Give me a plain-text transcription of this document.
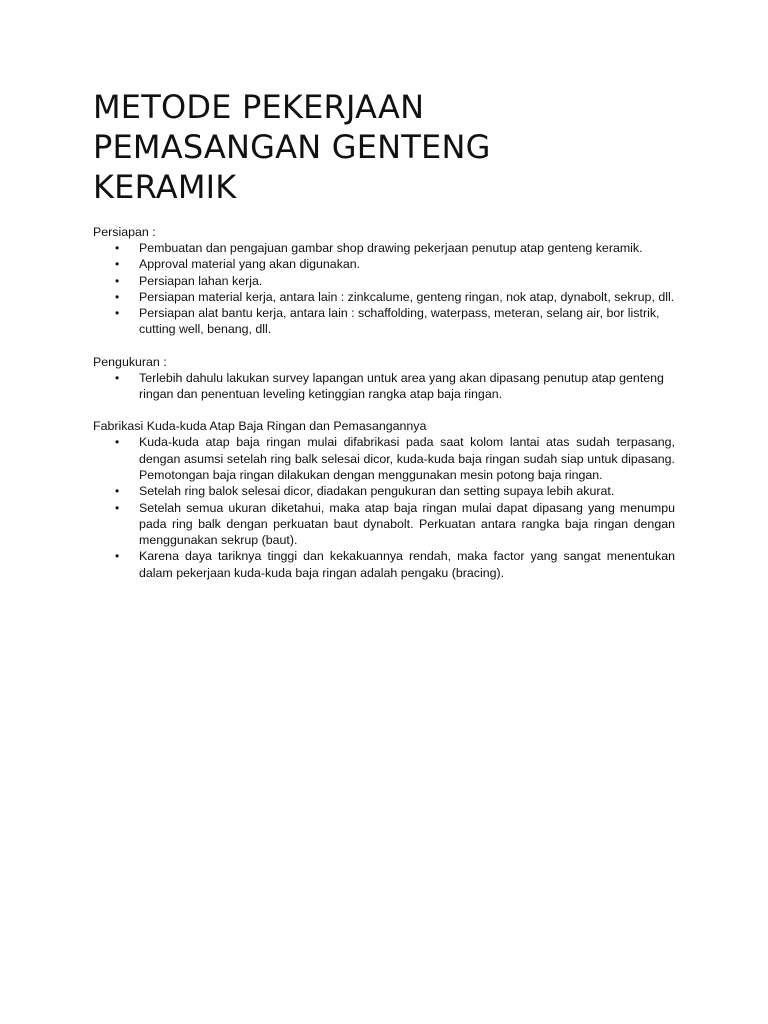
METODE PEKERJAAN
PEMASANGAN GENTENG
KERAMIK

Persiapan :

• Pembuatan dan pengajuan gambar shop drawing pekerjaan penutup atap genteng keramik.
• Approval material yang akan digunakan.
• Persiapan lahan kerja.
• Persiapan material kerja, antara lain : zinkcalume, genteng ringan, nok atap, dynabolt, sekrup, dll.
• Persiapan alat bantu kerja, antara lain : schaffolding, waterpass, meteran, selang air, bor listrik, cutting well, benang, dll.

Pengukuran :

• Terlebih dahulu lakukan survey lapangan untuk area yang akan dipasang penutup atap genteng ringan dan penentuan leveling ketinggian rangka atap baja ringan.

Fabrikasi Kuda-kuda Atap Baja Ringan dan Pemasangannya

• Kuda-kuda atap baja ringan mulai difabrikasi pada saat kolom lantai atas sudah terpasang, dengan asumsi setelah ring balk selesai dicor, kuda-kuda baja ringan sudah siap untuk dipasang. Pemotongan baja ringan dilakukan dengan menggunakan mesin potong baja ringan.
• Setelah ring balok selesai dicor, diadakan pengukuran dan setting supaya lebih akurat.
• Setelah semua ukuran diketahui, maka atap baja ringan mulai dapat dipasang yang menumpu pada ring balk dengan perkuatan baut dynabolt. Perkuatan antara rangka baja ringan dengan menggunakan sekrup (baut).
• Karena daya tariknya tinggi dan kekakuannya rendah, maka factor yang sangat menentukan dalam pekerjaan kuda-kuda baja ringan adalah pengaku (bracing).
